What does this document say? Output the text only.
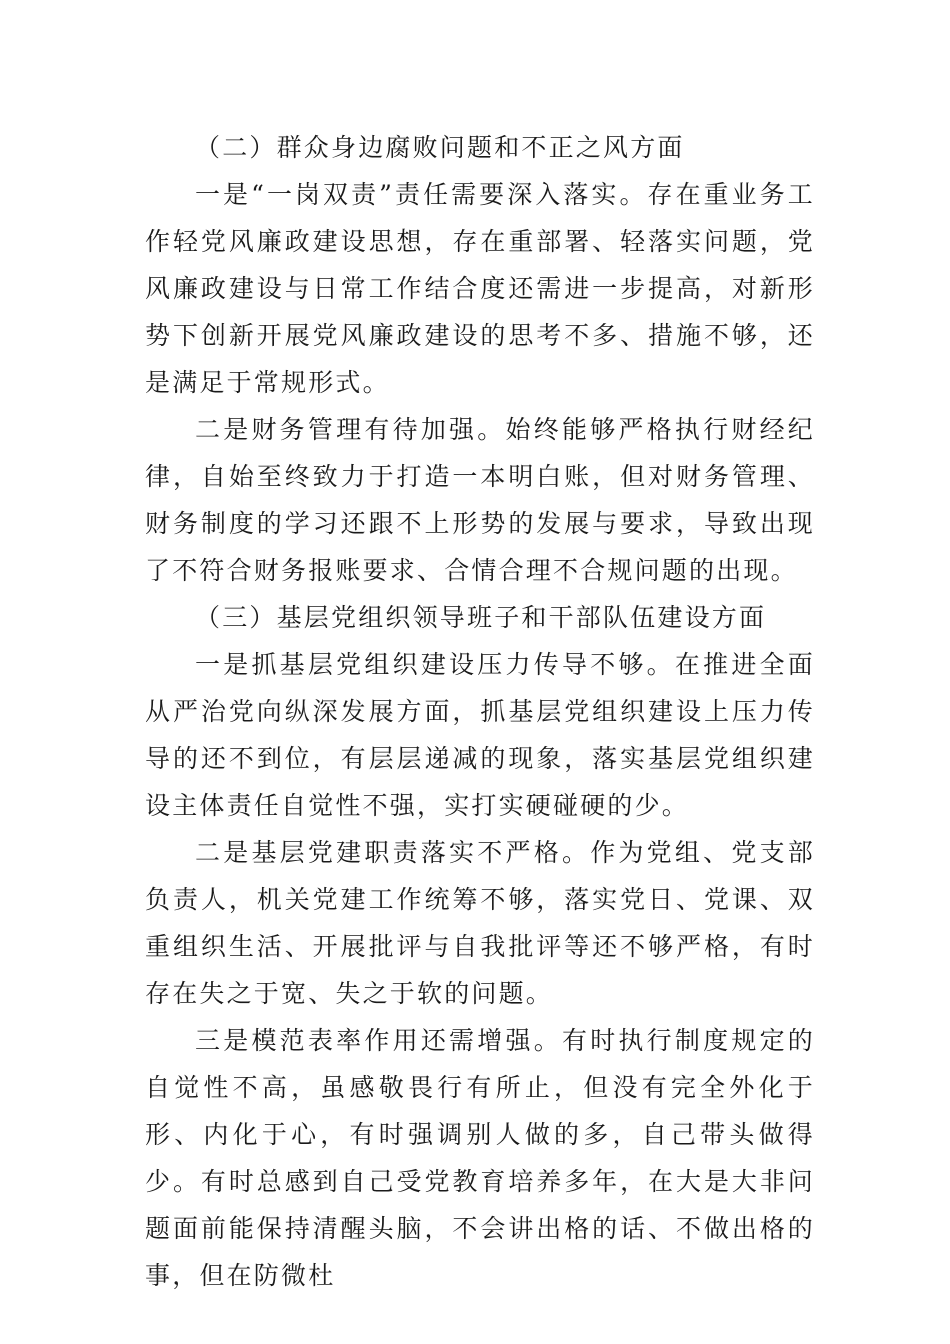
（二）群众身边腐败问题和不正之风方面

一是“一岗双责”责任需要深入落实。存在重业务工作轻党风廉政建设思想，存在重部署、轻落实问题，党风廉政建设与日常工作结合度还需进一步提高，对新形势下创新开展党风廉政建设的思考不多、措施不够，还是满足于常规形式。

二是财务管理有待加强。始终能够严格执行财经纪律，自始至终致力于打造一本明白账，但对财务管理、财务制度的学习还跟不上形势的发展与要求，导致出现了不符合财务报账要求、合情合理不合规问题的出现。

（三）基层党组织领导班子和干部队伍建设方面

一是抓基层党组织建设压力传导不够。在推进全面从严治党向纵深发展方面，抓基层党组织建设上压力传导的还不到位，有层层递减的现象，落实基层党组织建设主体责任自觉性不强，实打实硬碰硬的少。

二是基层党建职责落实不严格。作为党组、党支部负责人，机关党建工作统筹不够，落实党日、党课、双重组织生活、开展批评与自我批评等还不够严格，有时存在失之于宽、失之于软的问题。

三是模范表率作用还需增强。有时执行制度规定的自觉性不高，虽感敬畏行有所止，但没有完全外化于形、内化于心，有时强调别人做的多，自己带头做得少。有时总感到自己受党教育培养多年，在大是大非问题面前能保持清醒头脑，不会讲出格的话、不做出格的事，但在防微杜
